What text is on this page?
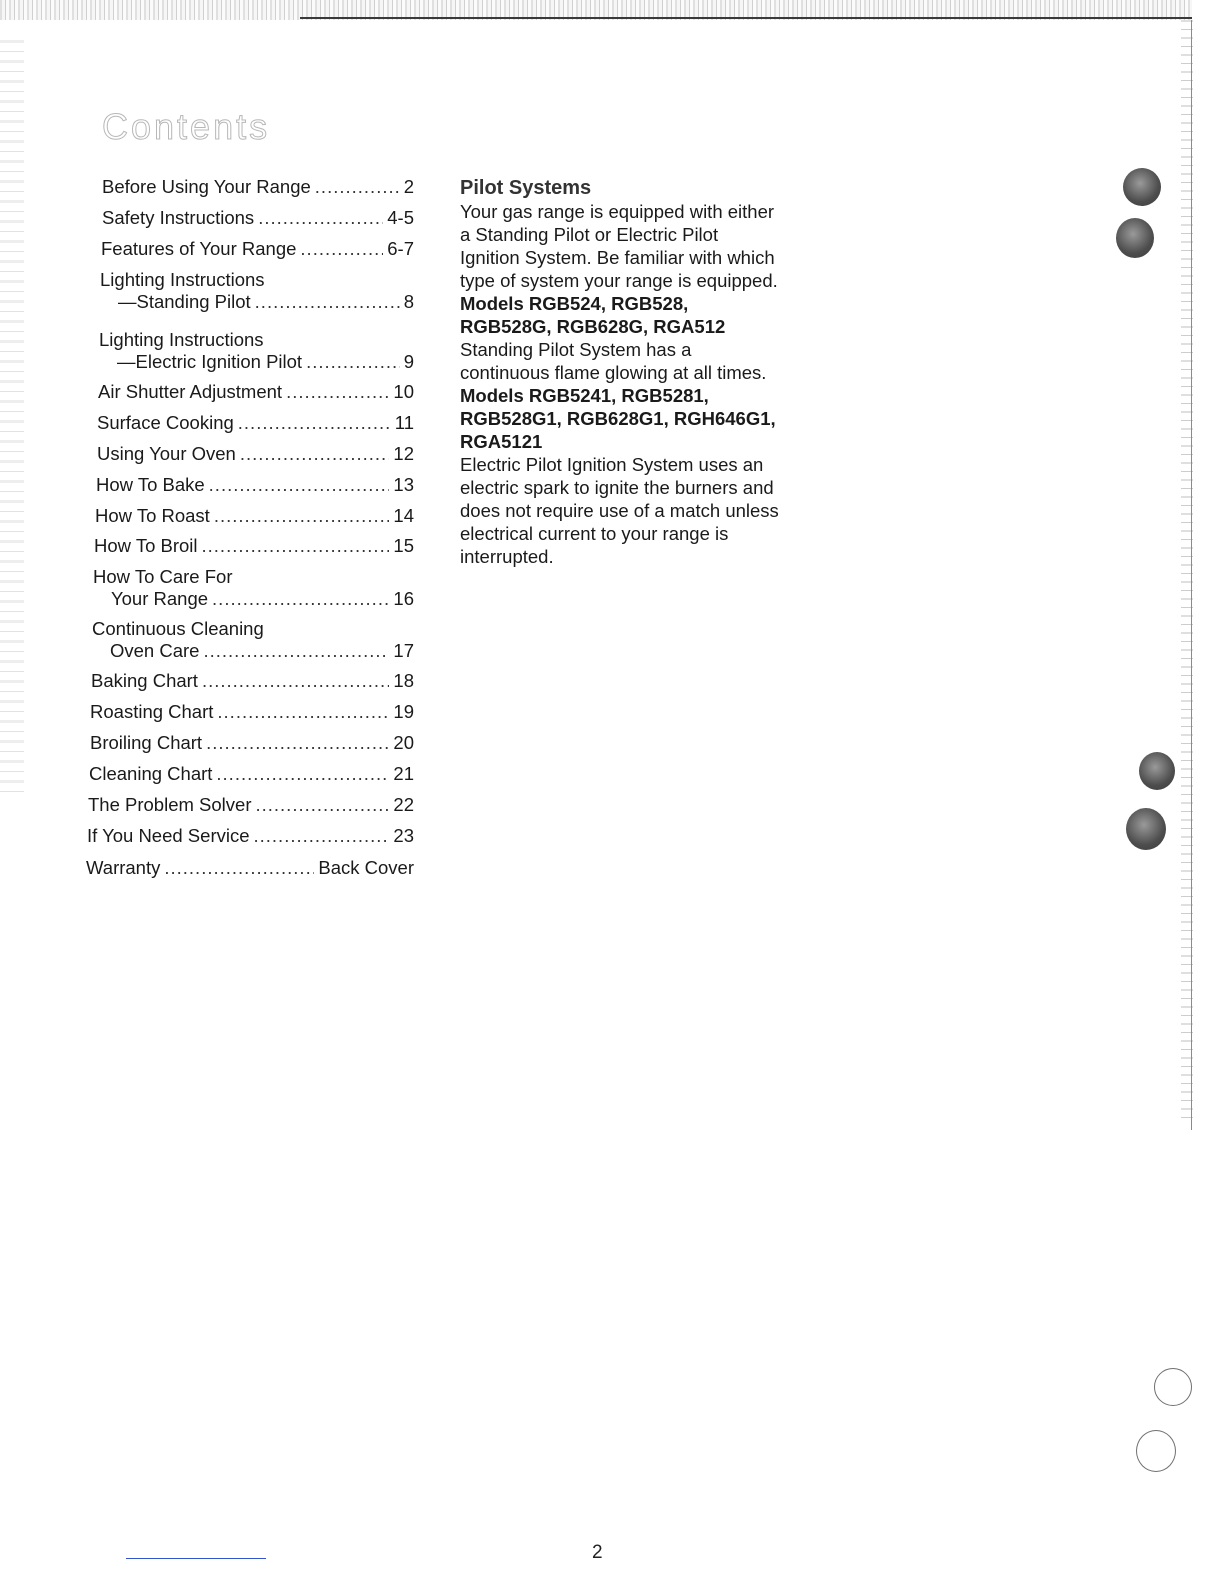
Contents
Before Using Your Range .....	2
Safety Instructions .....	4-5
Features of Your Range .....	6-7
Lighting Instructions
—Standing Pilot .....	8
Lighting Instructions
—Electric Ignition Pilot .....	9
Air Shutter Adjustment .....	10
Surface Cooking .....	11
Using Your Oven .....	12
How To Bake .....	13
How To Roast .....	14
How To Broil .....	15
How To Care For
Your Range .....	16
Continuous Cleaning
Oven Care .....	17
Baking Chart .....	18
Roasting Chart .....	19
Broiling Chart .....	20
Cleaning Chart .....	21
The Problem Solver .....	22
If You Need Service .....	23
Warranty .....	Back Cover
Pilot Systems

Your gas range is equipped with either a Standing Pilot or Electric Pilot Ignition System. Be familiar with which type of system your range is equipped.

Models RGB524, RGB528, RGB528G, RGB628G, RGA512

Standing Pilot System has a continuous flame glowing at all times.

Models RGB5241, RGB5281, RGB528G1, RGB628G1, RGH646G1, RGA5121

Electric Pilot Ignition System uses an electric spark to ignite the burners and does not require use of a match unless electrical current to your range is interrupted.

2
